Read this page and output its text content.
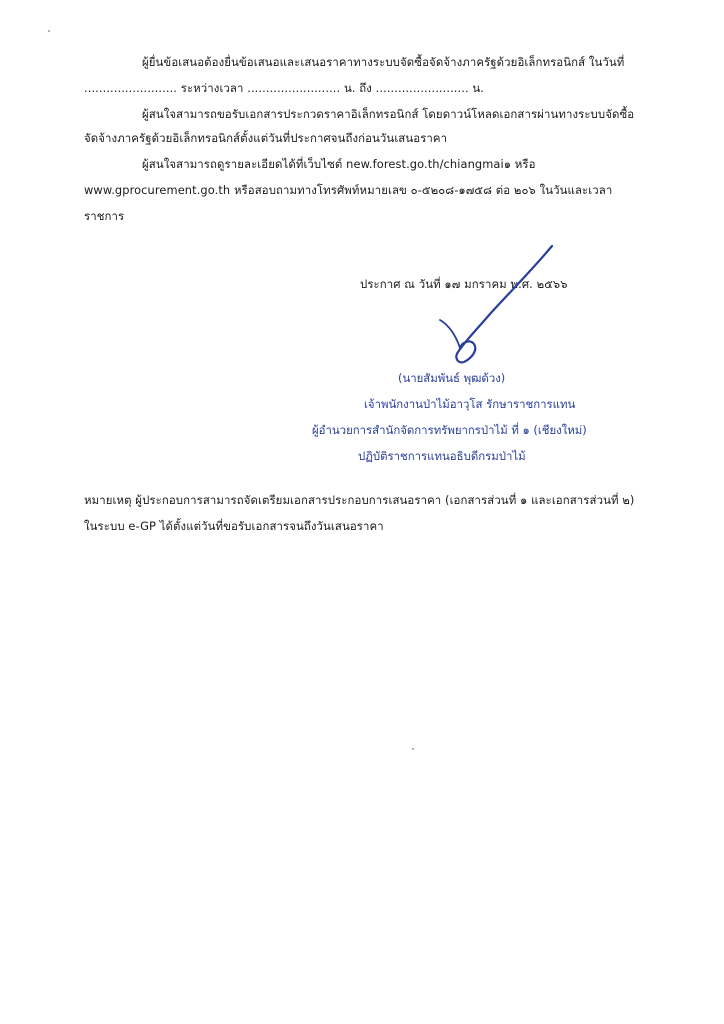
ผู้ยื่นข้อเสนอต้องยื่นข้อเสนอและเสนอราคาทางระบบจัดซื้อจัดจ้างภาครัฐด้วยอิเล็กทรอนิกส์ ในวันที่
......................... ระหว่างเวลา ......................... น. ถึง ......................... น.
ผู้สนใจสามารถขอรับเอกสารประกวดราคาอิเล็กทรอนิกส์ โดยดาวน์โหลดเอกสารผ่านทางระบบจัดซื้อ
จัดจ้างภาครัฐด้วยอิเล็กทรอนิกส์ตั้งแต่วันที่ประกาศจนถึงก่อนวันเสนอราคา
ผู้สนใจสามารถดูรายละเอียดได้ที่เว็บไซต์ new.forest.go.th/chiangmai๑ หรือ
www.gprocurement.go.th หรือสอบถามทางโทรศัพท์หมายเลข ๐-๕๒๐๘-๑๗๕๘ ต่อ ๒๐๖ ในวันและเวลา
ราชการ
ประกาศ ณ วันที่ ๑๗ มกราคม พ.ศ. ๒๕๖๖
(นายสัมพันธ์ พุฒด้วง)
เจ้าพนักงานป่าไม้อาวุโส รักษาราชการแทน
ผู้อำนวยการสำนักจัดการทรัพยากรป่าไม้ ที่ ๑ (เชียงใหม่)
ปฏิบัติราชการแทนอธิบดีกรมป่าไม้
หมายเหตุ ผู้ประกอบการสามารถจัดเตรียมเอกสารประกอบการเสนอราคา (เอกสารส่วนที่ ๑ และเอกสารส่วนที่ ๒)
ในระบบ e-GP ได้ตั้งแต่วันที่ขอรับเอกสารจนถึงวันเสนอราคา
